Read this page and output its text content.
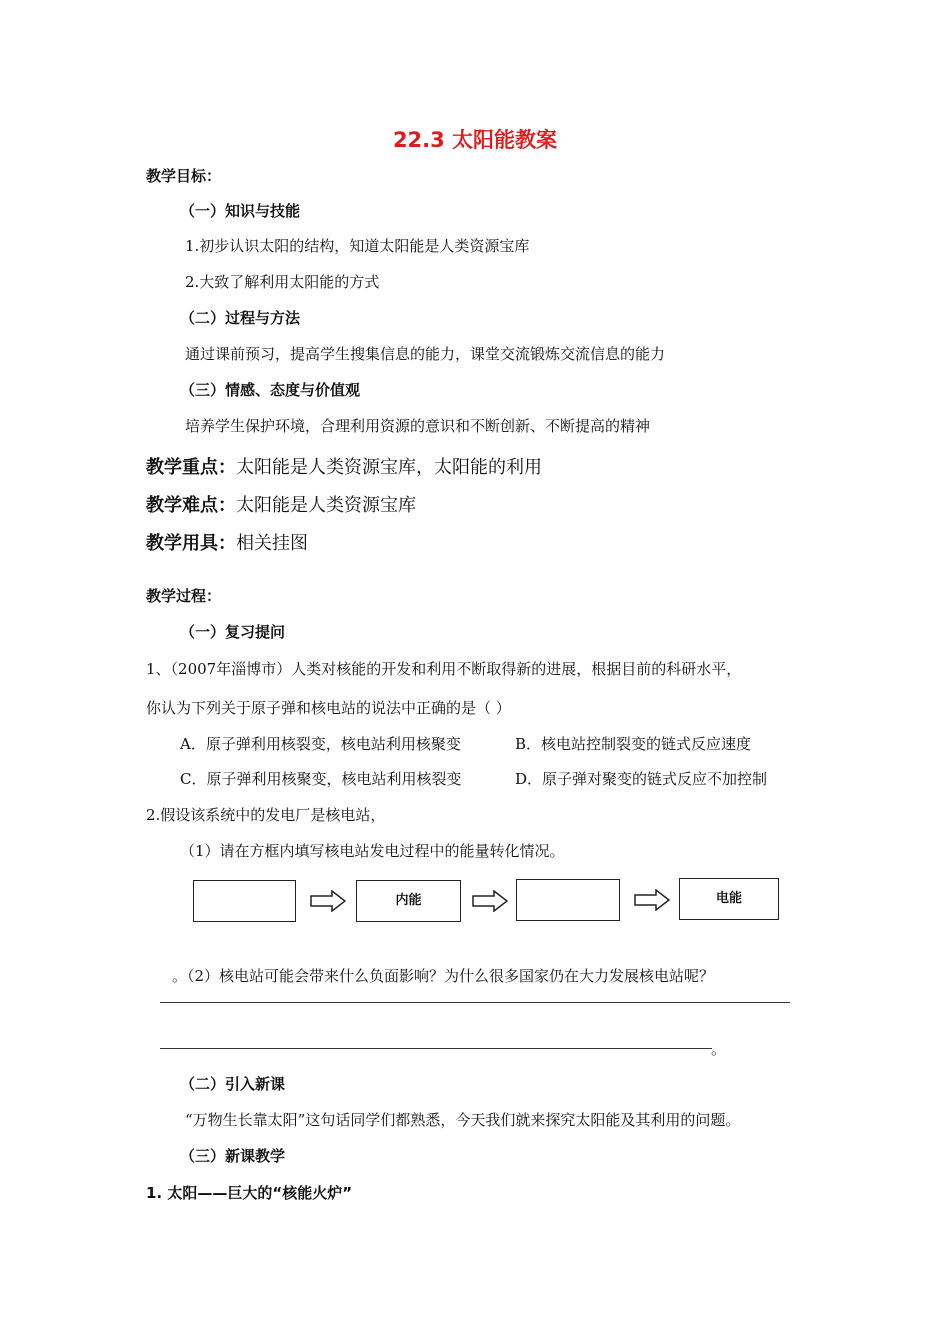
22.3 太阳能教案
教学目标：
（一）知识与技能
1.初步认识太阳的结构，知道太阳能是人类资源宝库
2.大致了解利用太阳能的方式
（二）过程与方法
通过课前预习，提高学生搜集信息的能力，课堂交流锻炼交流信息的能力
（三）情感、态度与价值观
培养学生保护环境，合理利用资源的意识和不断创新、不断提高的精神
教学重点：太阳能是人类资源宝库，太阳能的利用
教学难点：太阳能是人类资源宝库
教学用具：相关挂图
教学过程：
（一）复习提问
1、（2007年淄博市）人类对核能的开发和利用不断取得新的进展，根据目前的科研水平，
你认为下列关于原子弹和核电站的说法中正确的是（ ）
A．原子弹利用核裂变，核电站利用核聚变	B．核电站控制裂变的链式反应速度
C．原子弹利用核聚变，核电站利用核裂变	D．原子弹对聚变的链式反应不加控制
2.假设该系统中的发电厂是核电站，
（1）请在方框内填写核电站发电过程中的能量转化情况。
内能	电能
。（2）核电站可能会带来什么负面影响？为什么很多国家仍在大力发展核电站呢？
。
（二）引入新课
“万物生长靠太阳”这句话同学们都熟悉，今天我们就来探究太阳能及其利用的问题。
（三）新课教学
1. 太阳——巨大的“核能火炉”
